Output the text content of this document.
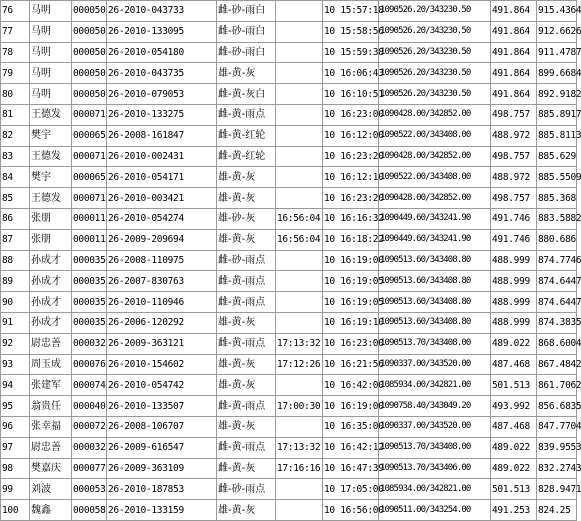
76	马明	000050	26-2010-043733	雌-砂-雨白		10 15:57:18	1090526.20/343230.50	491.864	915.4364
77	马明	000050	26-2010-133095	雌-砂-雨白		10 15:58:56	1090526.20/343230.50	491.864	912.6626
78	马明	000050	26-2010-054180	雌-砂-雨白		10 15:59:38	1090526.20/343230.50	491.864	911.4787
79	马明	000050	26-2010-043735	雄-黄-灰		10 16:06:43	1090526.20/343230.50	491.864	899.6684
80	马明	000050	26-2010-079053	雌-黄-灰白		10 16:10:51	1090526.20/343230.50	491.864	892.9182
81	王德发	000071	26-2010-133275	雌-黄-雨点		10 16:23:00	1090428.00/342852.00	498.757	885.8917
82	樊宇	000065	26-2008-161847	雌-黄-红轮		10 16:12:00	1090522.00/343408.00	488.972	885.8113
83	王德发	000071	26-2010-002431	雌-黄-红轮		10 16:23:20	1090428.00/342852.00	498.757	885.629
84	樊宇	000065	26-2010-054171	雄-黄-灰		10 16:12:10	1090522.00/343408.00	488.972	885.5509
85	王德发	000071	26-2010-003421	雄-黄-灰		10 16:23:20	1090428.00/342852.00	498.757	885.368
86	张朋	000011	26-2010-054274	雄-砂-灰	16:56:04	10 16:16:32	1090449.60/343241.90	491.746	883.5882
87	张朋	000011	26-2009-209694	雄-黄-灰	16:56:04	10 16:18:22	1090449.60/343241.90	491.746	880.686
88	孙成才	000035	26-2008-110975	雌-砂-雨点		10 16:19:00	1090513.60/343408.80	488.999	874.7746
89	孙成才	000035	26-2007-830763	雌-黄-雨点		10 16:19:05	1090513.60/343408.80	488.999	874.6447
90	孙成才	000035	26-2010-110946	雌-黄-雨点		10 16:19:05	1090513.60/343408.80	488.999	874.6447
91	孙成才	000035	26-2006-120292	雄-黄-灰		10 16:19:10	1090513.60/343408.80	488.999	874.3835
92	尉忠善	000032	26-2009-363121	雌-黄-雨点	17:13:32	10 16:23:00	1090513.70/343408.00	489.022	868.6004
93	周玉成	000076	26-2010-154602	雄-黄-灰	17:12:26	10 16:21:56	1090337.00/343520.00	487.468	867.4842
94	张建军	000074	26-2010-054742	雄-黄-灰		10 16:42:00	1085934.00/342821.00	501.513	861.7062
95	翁贵任	000040	26-2010-133507	雌-黄-雨点	17:00:30	10 16:19:00	1090758.40/343049.20	493.992	856.6835
96	张幸福	000072	26-2008-106707	雄-黄-灰		10 16:35:00	1090337.00/343520.00	487.468	847.7704
97	尉忠善	000032	26-2009-616547	雌-黄-雨点	17:13:32	10 16:42:12	1090513.70/343408.00	489.022	839.9553
98	樊嘉庆	000077	26-2009-363109	雌-黄-灰	17:16:16	10 16:47:39	1090513.70/343406.00	489.022	832.2743
99	刘波	000053	26-2010-187853	雌-砂-雨点		10 17:05:00	1085934.00/342821.00	501.513	828.9471
100	魏鑫	000058	26-2010-133159	雄-黄-灰		10 16:56:00	1090511.00/343254.00	491.253	824.25
